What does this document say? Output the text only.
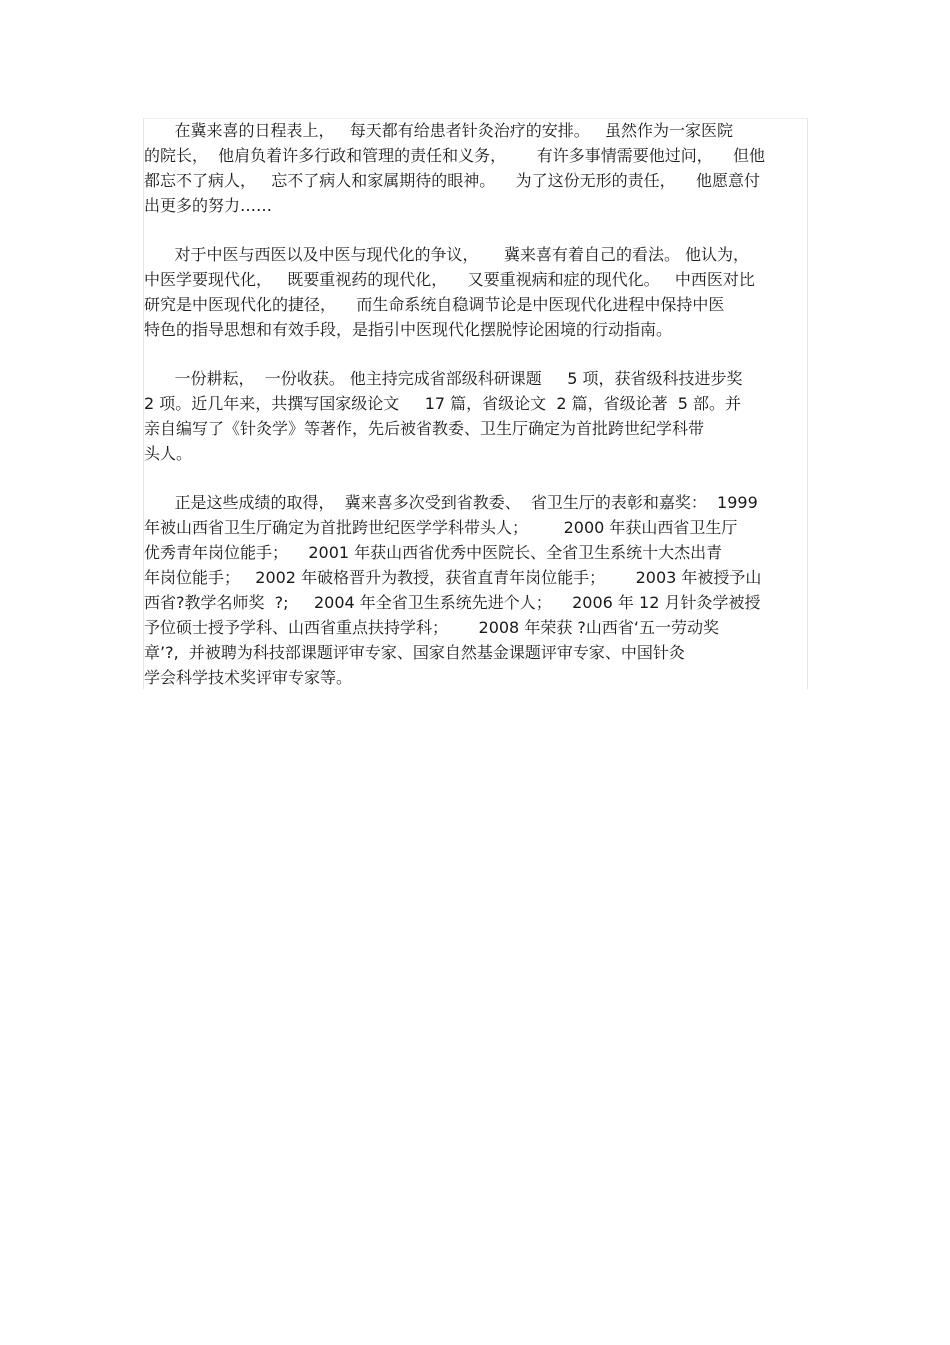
在冀来喜的日程表上，   每天都有给患者针灸治疗的安排。   虽然作为一家医院
的院长，  他肩负着许多行政和管理的责任和义务，      有许多事情需要他过问，    但他
都忘不了病人，   忘不了病人和家属期待的眼神。    为了这份无形的责任，    他愿意付
出更多的努力……
对于中医与西医以及中医与现代化的争议，     冀来喜有着自己的看法。 他认为，
中医学要现代化，   既要重视药的现代化，    又要重视病和症的现代化。   中西医对比
研究是中医现代化的捷径，    而生命系统自稳调节论是中医现代化进程中保持中医
特色的指导思想和有效手段，是指引中医现代化摆脱悖论困境的行动指南。
一份耕耘，  一份收获。 他主持完成省部级科研课题     5 项，获省级科技进步奖
2 项。近几年来，共撰写国家级论文     17 篇，省级论文  2 篇，省级论著  5 部。并
亲自编写了《针灸学》等著作，先后被省教委、卫生厅确定为首批跨世纪学科带
头人。
正是这些成绩的取得，  冀来喜多次受到省教委、  省卫生厅的表彰和嘉奖：  1999
年被山西省卫生厅确定为首批跨世纪医学学科带头人；       2000 年获山西省卫生厅
优秀青年岗位能手；    2001 年获山西省优秀中医院长、全省卫生系统十大杰出青
年岗位能手；   2002 年破格晋升为教授，获省直青年岗位能手；      2003 年被授予山
西省?教学名师奖  ?;     2004 年全省卫生系统先进个人；    2006 年 12 月针灸学被授
予位硕士授予学科、山西省重点扶持学科；      2008 年荣获 ?山西省‘五一劳动奖
章’?,  并被聘为科技部课题评审专家、国家自然基金课题评审专家、中国针灸
学会科学技术奖评审专家等。
